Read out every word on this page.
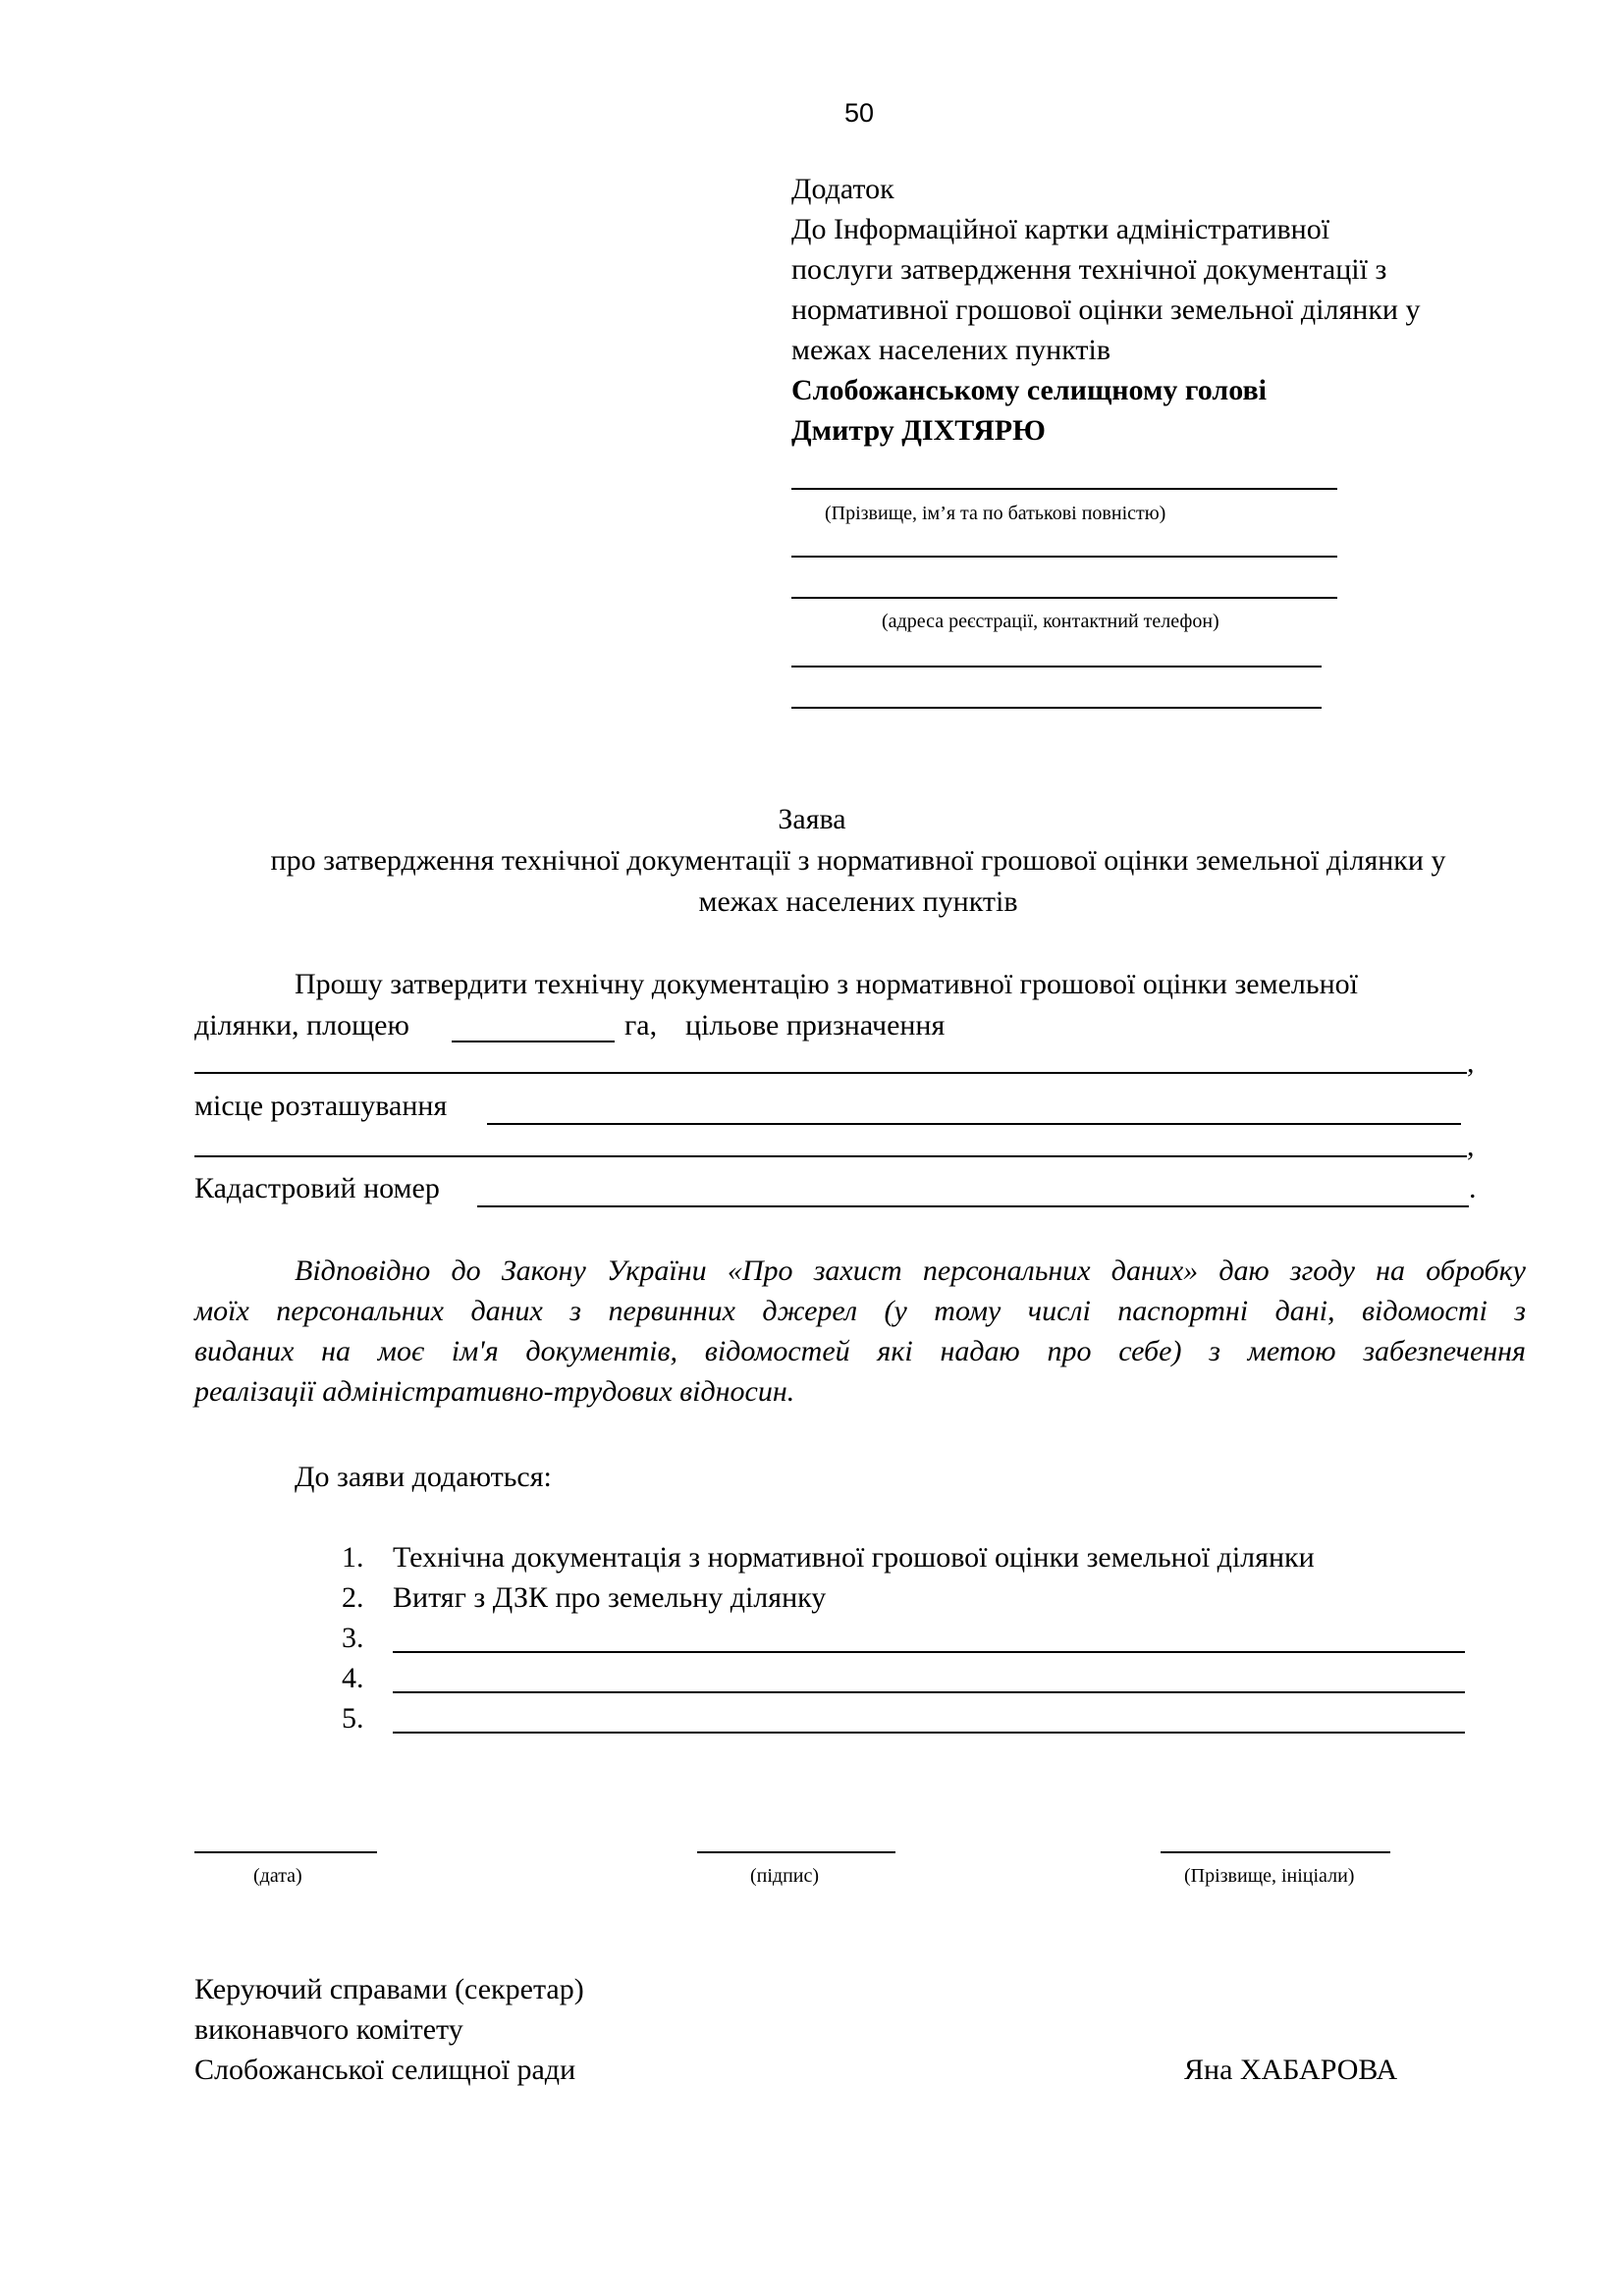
50
Додаток
До Інформаційної картки адміністративної
послуги затвердження технічної документації з
нормативної грошової оцінки земельної ділянки у
межах населених пунктів
Слобожанському селищному голові
Дмитру ДІХТЯРЮ
(Прізвище, ім’я та по батькові повністю)
(адреса реєстрації, контактний телефон)
Заява
про затвердження технічної документації з нормативної грошової оцінки земельної ділянки у
межах населених пунктів
Прошу затвердити технічну документацію з нормативної грошової оцінки земельної
ділянки, площею	га, цільове призначення
,
місце розташування
,
Кадастровий номер	.
Відповідно до Закону України «Про захист персональних даних» даю згоду на обробку
моїх персональних даних з первинних джерел (у тому числі паспортні дані, відомості з
виданих на моє ім'я документів, відомостей які надаю про себе) з метою забезпечення
реалізації адміністративно-трудових відносин.
До заяви додаються:
1. Технічна документація з нормативної грошової оцінки земельної ділянки
2. Витяг з ДЗК про земельну ділянку
3.
4.
5.
(дата)	(підпис)	(Прізвище, ініціали)
Керуючий справами (секретар)
виконавчого комітету
Слобожанської селищної ради	Яна ХАБАРОВА
